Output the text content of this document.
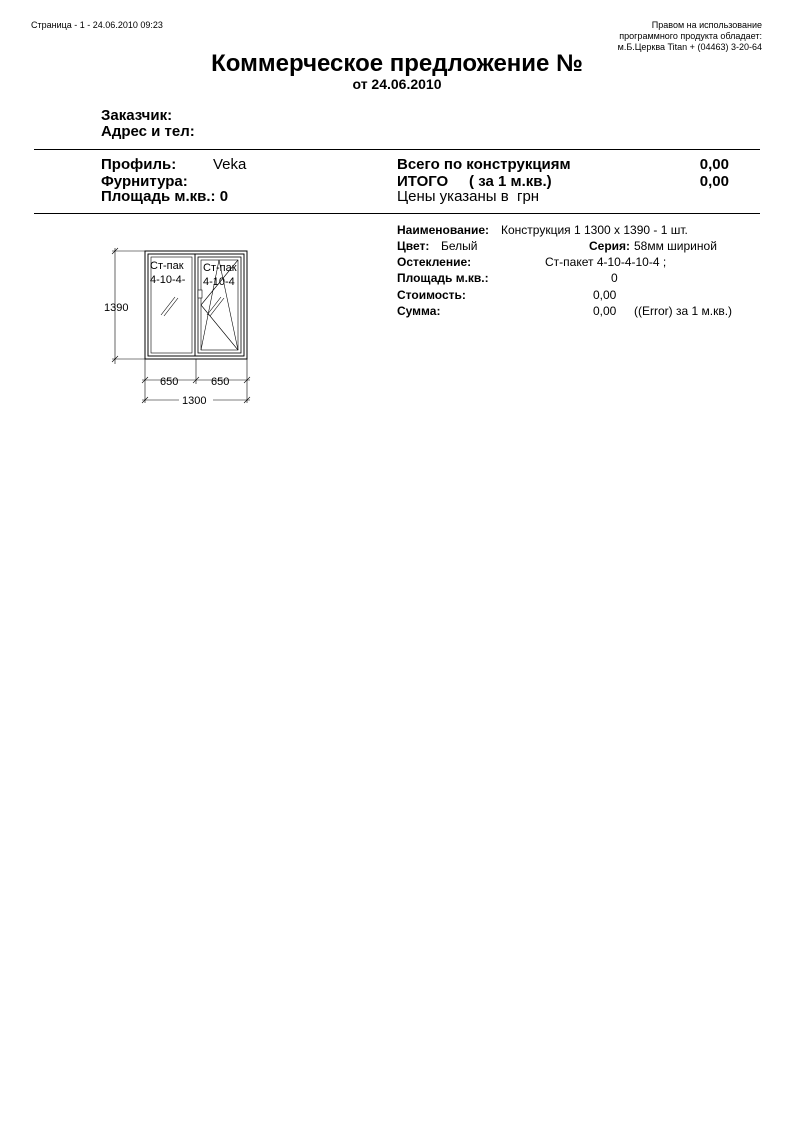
Страница - 1 - 24.06.2010 09:23	Правом на использование
программного продукта обладает:
м.Б.Церква Titan + (04463) 3-20-64
Коммерческое предложение №
от 24.06.2010
Заказчик:
Адрес и тел:
Профиль: Veka
Фурнитура:
Площадь м.кв.: 0
Всего по конструкциям	0,00
ИТОГО     ( за 1 м.кв.)	0,00
Цены указаны в  грн
Наименование: Конструкция 1 1300 x 1390 - 1 шт.
Цвет: Белый	Серия: 58мм шириной
Остекление:	Ст-пакет 4-10-4-10-4 ;
Площадь м.кв.:	0
Стоимость:	0,00
Сумма:	0,00 ((Error) за 1 м.кв.)
Ст-пак
4-10-4-
Ст-пак
4-10-4
1390
650	650
1300
